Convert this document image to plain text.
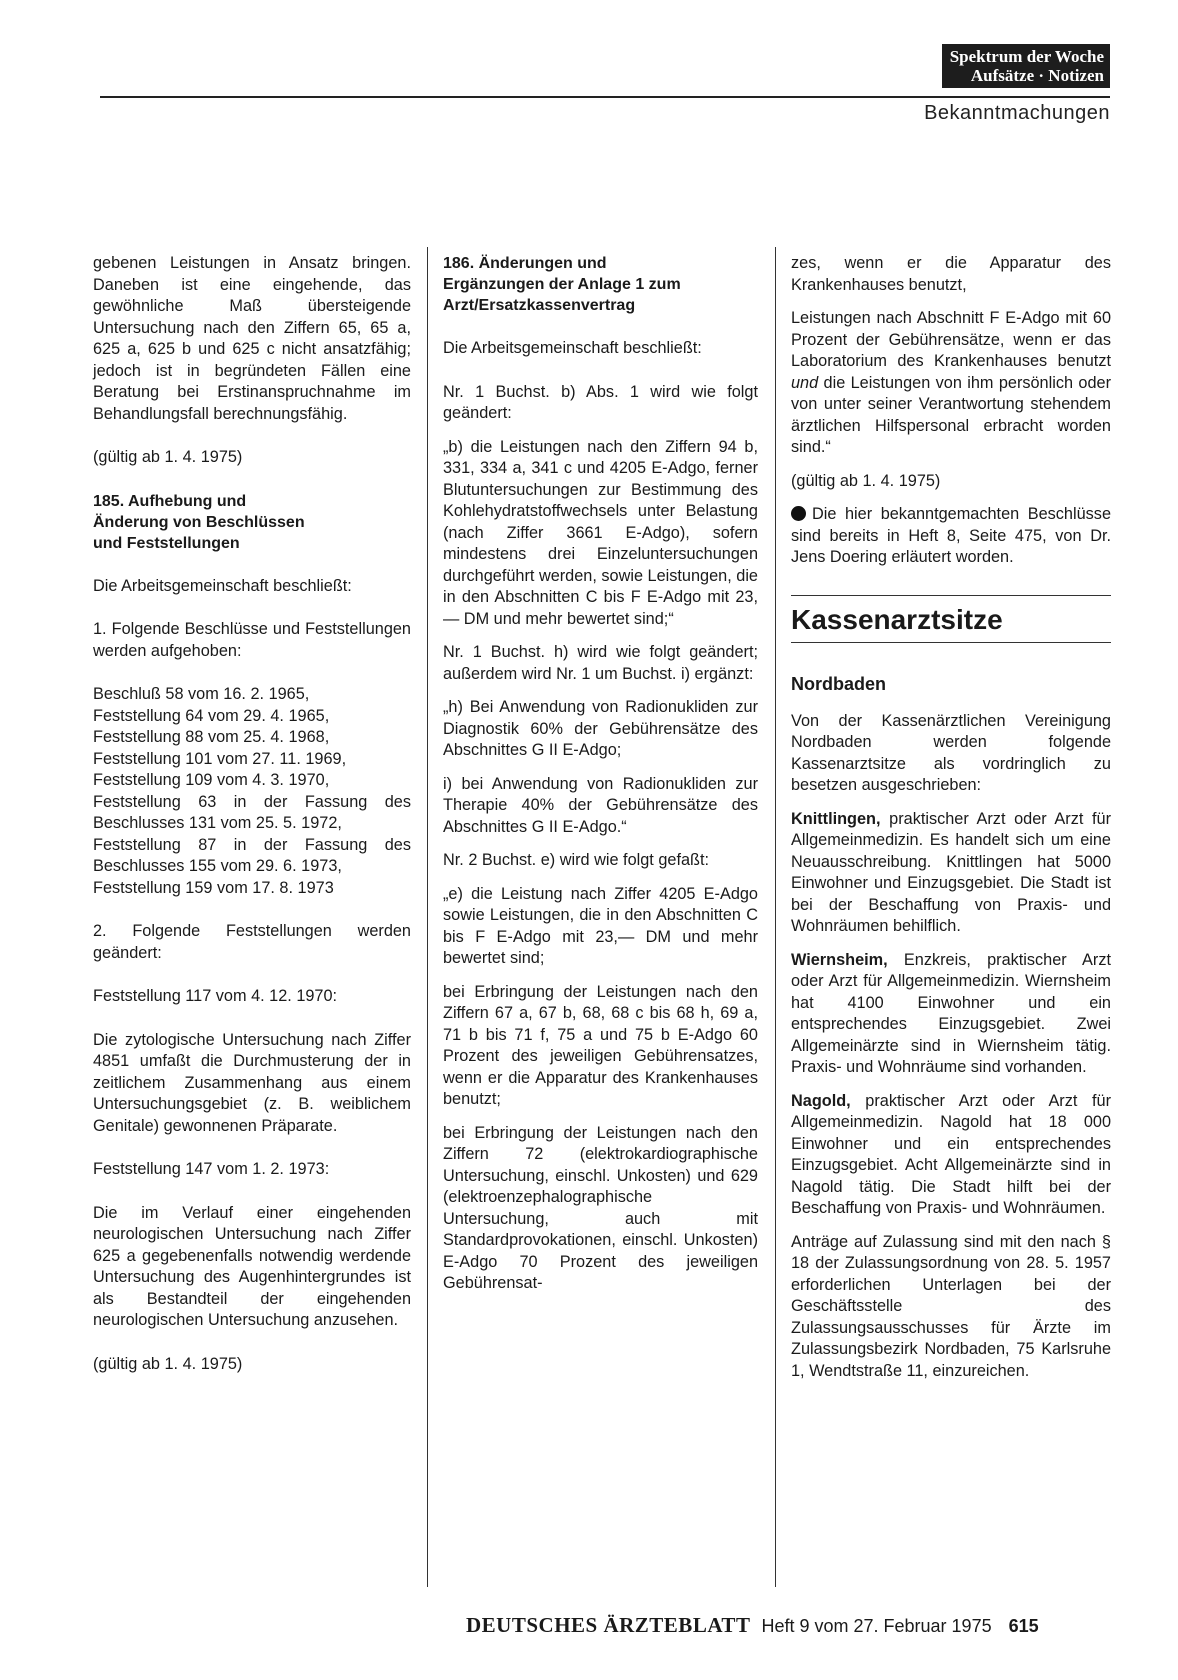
Spektrum der Woche
Aufsätze · Notizen
Bekanntmachungen

gebenen Leistungen in Ansatz bringen. Daneben ist eine eingehende, das gewöhnliche Maß übersteigende Untersuchung nach den Ziffern 65, 65 a, 625 a, 625 b und 625 c nicht ansatzfähig; jedoch ist in begründeten Fällen eine Beratung bei Erstinanspruchnahme im Behandlungsfall berechnungsfähig.

(gültig ab 1. 4. 1975)

185. Aufhebung und
Änderung von Beschlüssen
und Feststellungen

Die Arbeitsgemeinschaft beschließt:

1. Folgende Beschlüsse und Feststellungen werden aufgehoben:

Beschluß 58 vom 16. 2. 1965,
Feststellung 64 vom 29. 4. 1965,
Feststellung 88 vom 25. 4. 1968,
Feststellung 101 vom 27. 11. 1969,
Feststellung 109 vom 4. 3. 1970,
Feststellung 63 in der Fassung des Beschlusses 131 vom 25. 5. 1972,
Feststellung 87 in der Fassung des Beschlusses 155 vom 29. 6. 1973,
Feststellung 159 vom 17. 8. 1973

2. Folgende Feststellungen werden geändert:

Feststellung 117 vom 4. 12. 1970:

Die zytologische Untersuchung nach Ziffer 4851 umfaßt die Durchmusterung der in zeitlichem Zusammenhang aus einem Untersuchungsgebiet (z. B. weiblichem Genitale) gewonnenen Präparate.

Feststellung 147 vom 1. 2. 1973:

Die im Verlauf einer eingehenden neurologischen Untersuchung nach Ziffer 625 a gegebenenfalls notwendig werdende Untersuchung des Augenhintergrundes ist als Bestandteil der eingehenden neurologischen Untersuchung anzusehen.

(gültig ab 1. 4. 1975)

186. Änderungen und
Ergänzungen der Anlage 1 zum
Arzt/Ersatzkassenvertrag

Die Arbeitsgemeinschaft beschließt:

Nr. 1 Buchst. b) Abs. 1 wird wie folgt geändert:

„b) die Leistungen nach den Ziffern 94 b, 331, 334 a, 341 c und 4205 E-Adgo, ferner Blutuntersuchungen zur Bestimmung des Kohlehydratstoffwechsels unter Belastung (nach Ziffer 3661 E-Adgo), sofern mindestens drei Einzeluntersuchungen durchgeführt werden, sowie Leistungen, die in den Abschnitten C bis F E-Adgo mit 23,— DM und mehr bewertet sind;“

Nr. 1 Buchst. h) wird wie folgt geändert; außerdem wird Nr. 1 um Buchst. i) ergänzt:

„h) Bei Anwendung von Radionukliden zur Diagnostik 60% der Gebührensätze des Abschnittes G II E-Adgo;

i) bei Anwendung von Radionukliden zur Therapie 40% der Gebührensätze des Abschnittes G II E-Adgo.“

Nr. 2 Buchst. e) wird wie folgt gefaßt:

„e) die Leistung nach Ziffer 4205 E-Adgo sowie Leistungen, die in den Abschnitten C bis F E-Adgo mit 23,— DM und mehr bewertet sind;

bei Erbringung der Leistungen nach den Ziffern 67 a, 67 b, 68, 68 c bis 68 h, 69 a, 71 b bis 71 f, 75 a und 75 b E-Adgo 60 Prozent des jeweiligen Gebührensatzes, wenn er die Apparatur des Krankenhauses benutzt;

bei Erbringung der Leistungen nach den Ziffern 72 (elektrokardiographische Untersuchung, einschl. Unkosten) und 629 (elektroenzephalographische Untersuchung, auch mit Standardprovokationen, einschl. Unkosten) E-Adgo 70 Prozent des jeweiligen Gebührensat-

zes, wenn er die Apparatur des Krankenhauses benutzt,

Leistungen nach Abschnitt F E-Adgo mit 60 Prozent der Gebührensätze, wenn er das Laboratorium des Krankenhauses benutzt und die Leistungen von ihm persönlich oder von unter seiner Verantwortung stehendem ärztlichen Hilfspersonal erbracht worden sind.“

(gültig ab 1. 4. 1975)

Die hier bekanntgemachten Beschlüsse sind bereits in Heft 8, Seite 475, von Dr. Jens Doering erläutert worden.

Kassenarztsitze
Nordbaden

Von der Kassenärztlichen Vereinigung Nordbaden werden folgende Kassenarztsitze als vordringlich zu besetzen ausgeschrieben:

Knittlingen, praktischer Arzt oder Arzt für Allgemeinmedizin. Es handelt sich um eine Neuausschreibung. Knittlingen hat 5000 Einwohner und Einzugsgebiet. Die Stadt ist bei der Beschaffung von Praxis- und Wohnräumen behilflich.

Wiernsheim, Enzkreis, praktischer Arzt oder Arzt für Allgemeinmedizin. Wiernsheim hat 4100 Einwohner und ein entsprechendes Einzugsgebiet. Zwei Allgemeinärzte sind in Wiernsheim tätig. Praxis- und Wohnräume sind vorhanden.

Nagold, praktischer Arzt oder Arzt für Allgemeinmedizin. Nagold hat 18 000 Einwohner und ein entsprechendes Einzugsgebiet. Acht Allgemeinärzte sind in Nagold tätig. Die Stadt hilft bei der Beschaffung von Praxis- und Wohnräumen.

Anträge auf Zulassung sind mit den nach § 18 der Zulassungsordnung von 28. 5. 1957 erforderlichen Unterlagen bei der Geschäftsstelle des Zulassungsausschusses für Ärzte im Zulassungsbezirk Nordbaden, 75 Karlsruhe 1, Wendtstraße 11, einzureichen.

DEUTSCHES ÄRZTEBLATT Heft 9 vom 27. Februar 1975 615
